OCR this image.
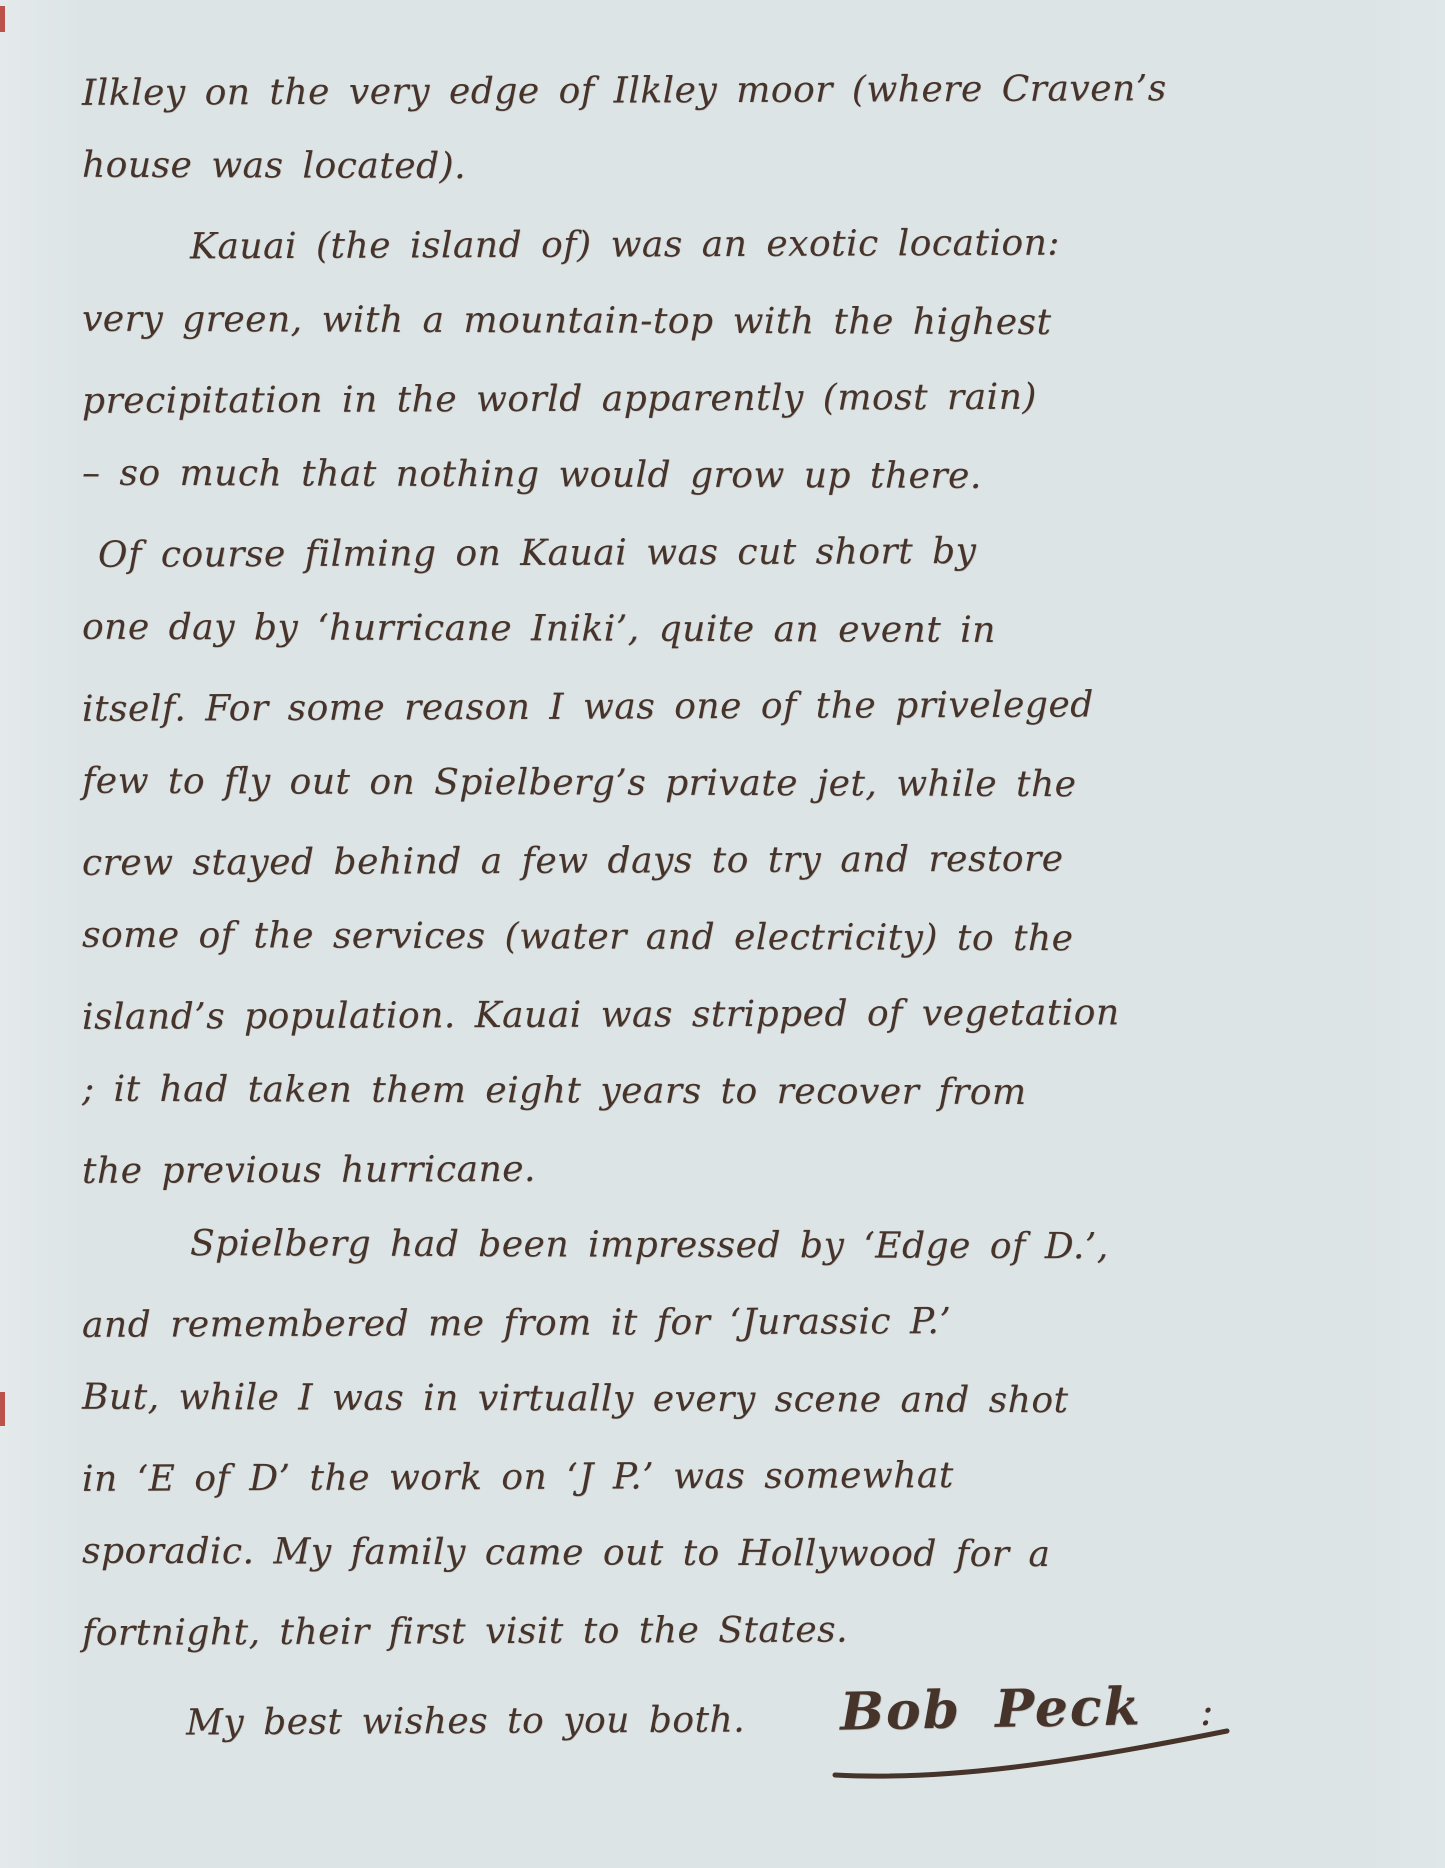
Ilkley on the very edge of Ilkley moor (where Craven’s
house was located).
Kauai (the island of) was an exotic location:
very green, with a mountain-top with the highest
precipitation in the world apparently (most rain)
– so much that nothing would grow up there.
Of course filming on Kauai was cut short by
one day by ‘hurricane Iniki’, quite an event in
itself. For some reason I was one of the priveleged
few to fly out on Spielberg’s private jet, while the
crew stayed behind a few days to try and restore
some of the services (water and electricity) to the
island’s population. Kauai was stripped of vegetation
; it had taken them eight years to recover from
the previous hurricane.
Spielberg had been impressed by ‘Edge of D.’,
and remembered me from it for ‘Jurassic P.’
But, while I was in virtually every scene and shot
in ‘E of D’ the work on ‘J P.’ was somewhat
sporadic. My family came out to Hollywood for a
fortnight, their first visit to the States.
My best wishes to you both. Bob Peck :
